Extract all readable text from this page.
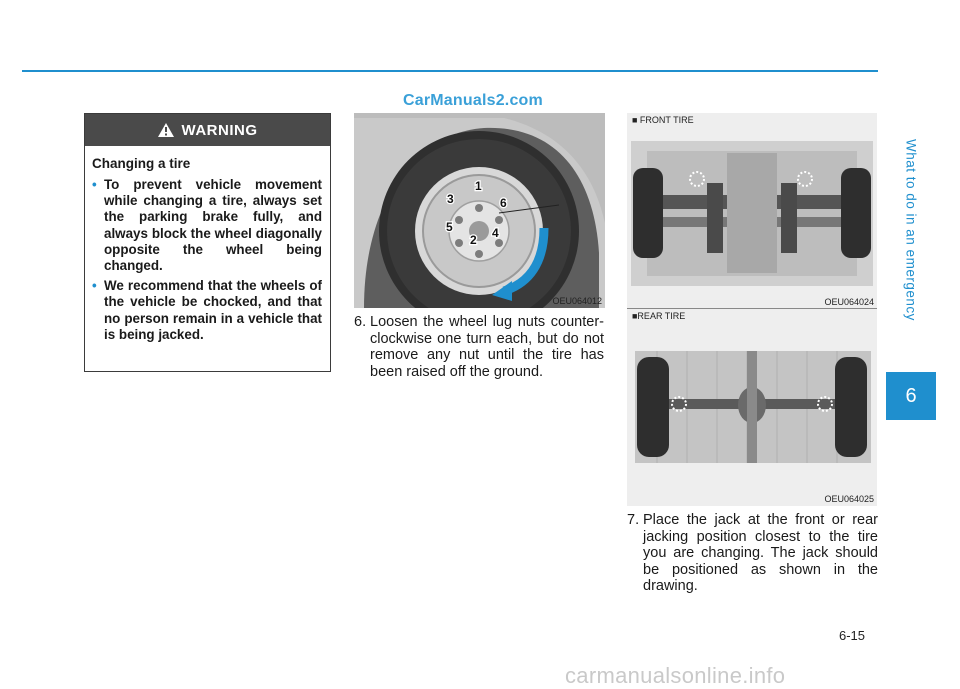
CarManuals2.com
WARNING
Changing a tire
• To prevent vehicle movement while changing a tire, always set the parking brake fully, and always block the wheel diagonally opposite the wheel being changed.
• We recommend that the wheels of the vehicle be chocked, and that no person remain in a vehicle that is being jacked.
1
2
3
4
5
6
OEU064012
■ FRONT TIRE
OEU064024
■REAR TIRE
OEU064025
6. Loosen the wheel lug nuts counter-clockwise one turn each, but do not remove any nut until the tire has been raised off the ground.
7. Place the jack at the front or rear jacking position closest to the tire you are changing. The jack should be positioned as shown in the drawing.
What to do in an emergency
6
6-15
carmanualsonline.info
